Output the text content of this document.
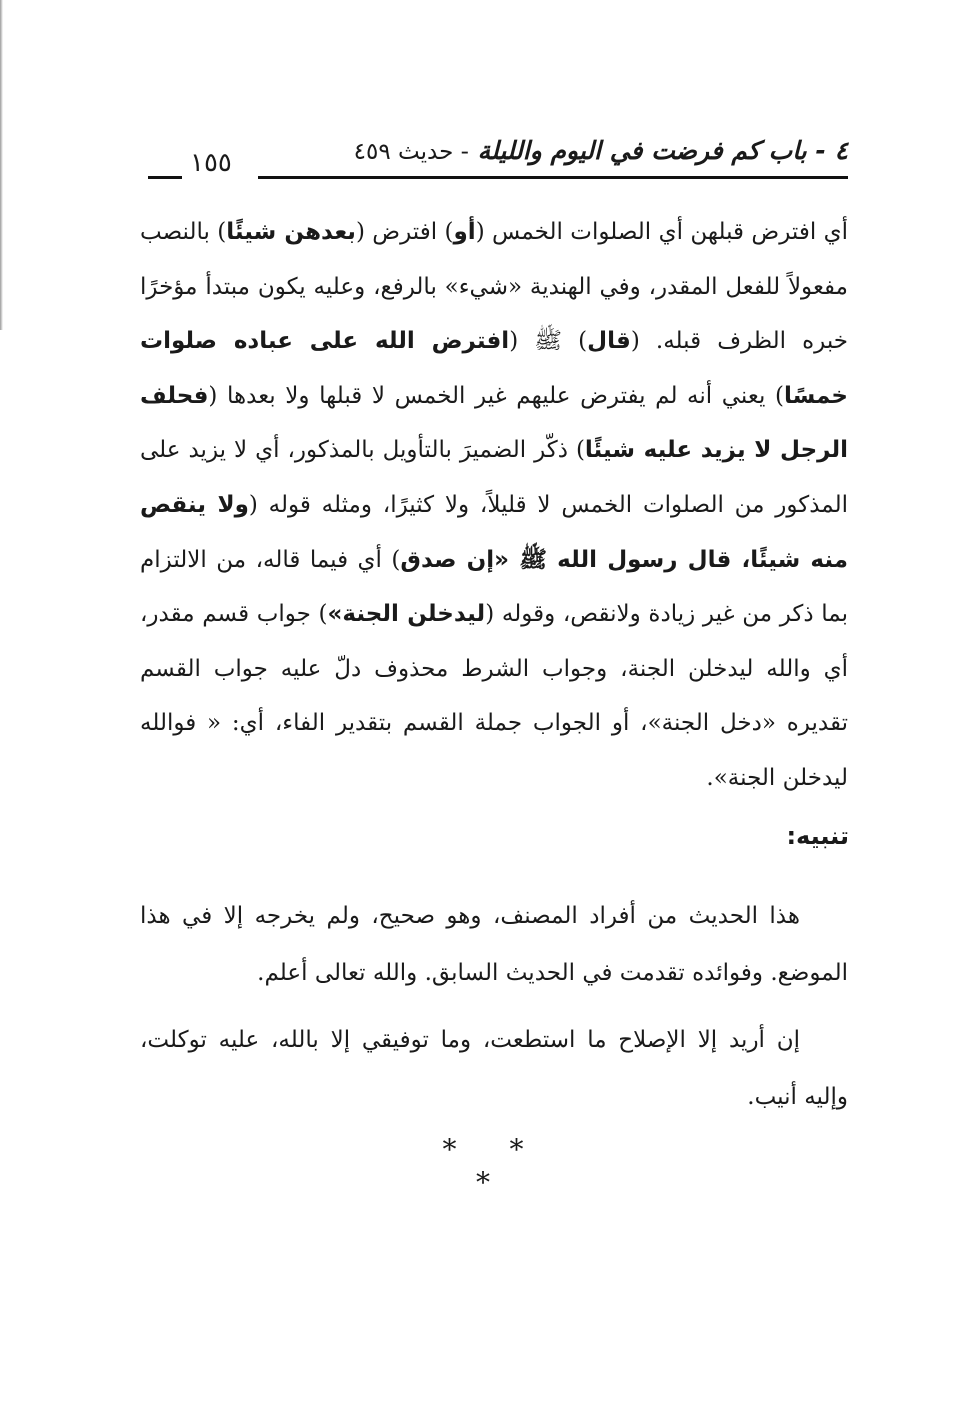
٤ - باب كم فرضت في اليوم والليلة - حديث ٤٥٩
١٥٥

أي افترض قبلهن أي الصلوات الخمس (أو) افترض (بعدهن شيئًا) بالنصب مفعولاً للفعل المقدر، وفي الهندية «شيء» بالرفع، وعليه يكون مبتدأ مؤخرًا خبره الظرف قبله. (قال) ﷺ (افترض الله على عباده صلوات خمسًا) يعني أنه لم يفترض عليهم غير الخمس لا قبلها ولا بعدها (فحلف الرجل لا يزيد عليه شيئًا) ذكّر الضميرَ بالتأويل بالمذكور، أي لا يزيد على المذكور من الصلوات الخمس لا قليلاً، ولا كثيرًا، ومثله قوله (ولا ينقص منه شيئًا، قال رسول الله ﷺ «إن صدق) أي فيما قاله، من الالتزام بما ذكر من غير زيادة ولانقص، وقوله (ليدخلن الجنة») جواب قسم مقدر، أي والله ليدخلن الجنة، وجواب الشرط محذوف دلّ عليه جواب القسم تقديره «دخل الجنة»، أو الجواب جملة القسم بتقدير الفاء، أي: « فوالله ليدخلن الجنة».

تنبيه:

هذا الحديث من أفراد المصنف، وهو صحيح، ولم يخرجه إلا في هذا الموضع. وفوائده تقدمت في الحديث السابق. والله تعالى أعلم.

إن أريد إلا الإصلاح ما استطعت، وما توفيقي إلا بالله، عليه توكلت، وإليه أنيب.

* * *
